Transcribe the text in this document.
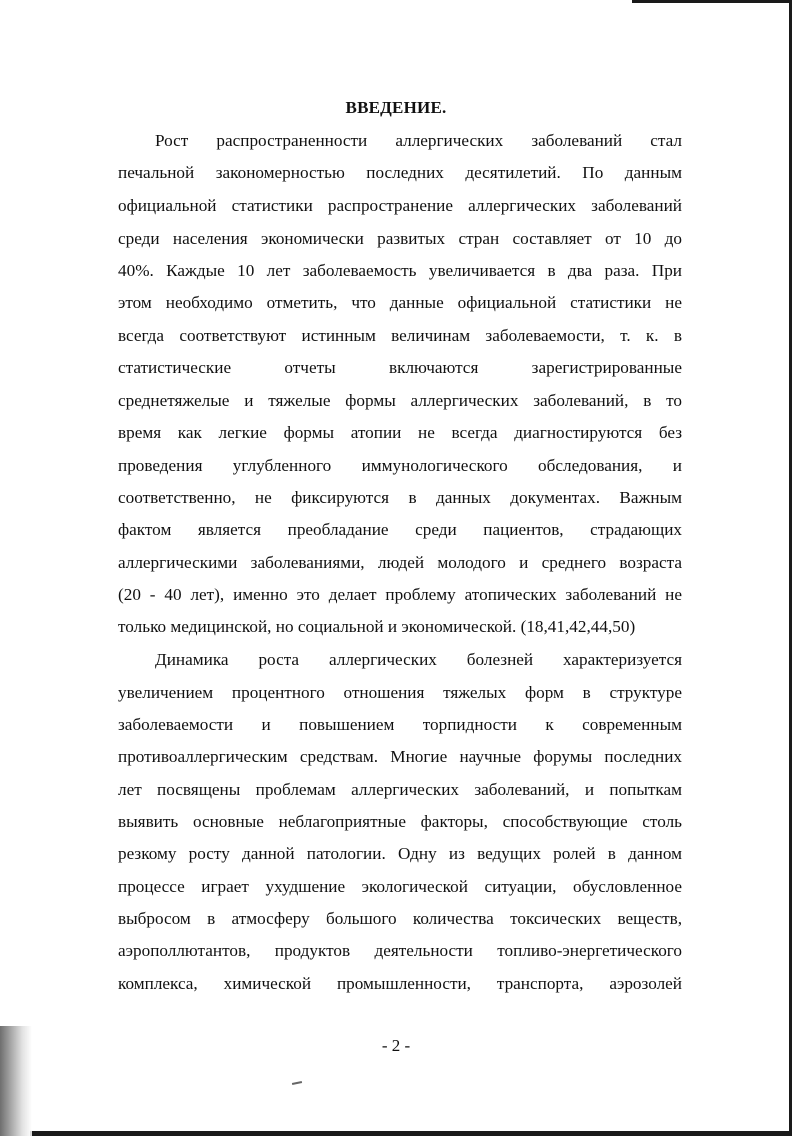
ВВЕДЕНИЕ.
Рост распространенности аллергических заболеваний стал
печальной закономерностью последних десятилетий. По данным
официальной статистики распространение аллергических заболеваний
среди населения экономически развитых стран составляет от 10 до
40%. Каждые 10 лет заболеваемость увеличивается в два раза. При
этом необходимо отметить, что данные официальной статистики не
всегда соответствуют истинным величинам заболеваемости, т. к. в
статистические отчеты включаются зарегистрированные
среднетяжелые и тяжелые формы аллергических заболеваний, в то
время как легкие формы атопии не всегда диагностируются без
проведения углубленного иммунологического обследования, и
соответственно, не фиксируются в данных документах. Важным
фактом является преобладание среди пациентов, страдающих
аллергическими заболеваниями, людей молодого и среднего возраста
(20 - 40 лет), именно это делает проблему атопических заболеваний не
только медицинской, но социальной и экономической. (18,41,42,44,50)
Динамика роста аллергических болезней характеризуется
увеличением процентного отношения тяжелых форм в структуре
заболеваемости и повышением торпидности к современным
противоаллергическим средствам. Многие научные форумы последних
лет посвящены проблемам аллергических заболеваний, и попыткам
выявить основные неблагоприятные факторы, способствующие столь
резкому росту данной патологии. Одну из ведущих ролей в данном
процессе играет ухудшение экологической ситуации, обусловленное
выбросом в атмосферу большого количества токсических веществ,
аэрополлютантов, продуктов деятельности топливо-энергетического
комплекса, химической промышленности, транспорта, аэрозолей
- 2 -
